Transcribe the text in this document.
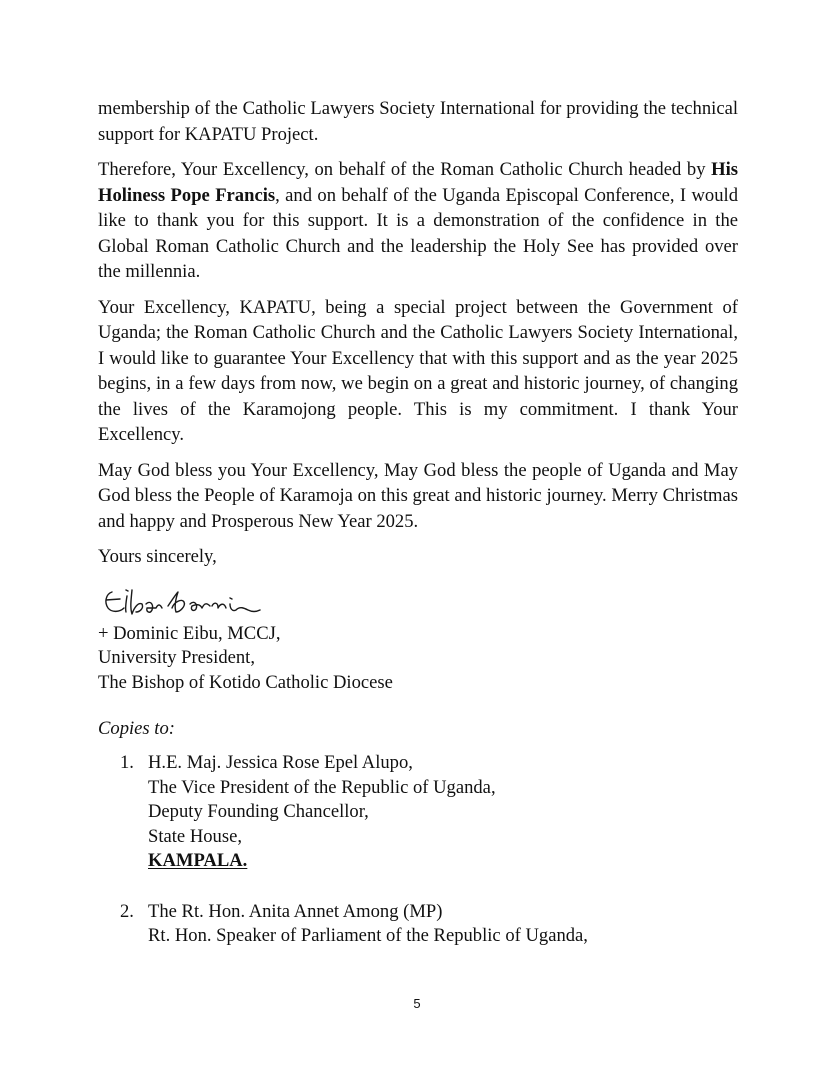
membership of the Catholic Lawyers Society International for providing the technical support for KAPATU Project.

Therefore, Your Excellency, on behalf of the Roman Catholic Church headed by His Holiness Pope Francis, and on behalf of the Uganda Episcopal Conference, I would like to thank you for this support. It is a demonstration of the confidence in the Global Roman Catholic Church and the leadership the Holy See has provided over the millennia.

Your Excellency, KAPATU, being a special project between the Government of Uganda; the Roman Catholic Church and the Catholic Lawyers Society International, I would like to guarantee Your Excellency that with this support and as the year 2025 begins, in a few days from now, we begin on a great and historic journey, of changing the lives of the Karamojong people. This is my commitment. I thank Your Excellency.

May God bless you Your Excellency, May God bless the people of Uganda and May God bless the People of Karamoja on this great and historic journey. Merry Christmas and happy and Prosperous New Year 2025.

Yours sincerely,

+ Dominic Eibu, MCCJ,
University President,
The Bishop of Kotido Catholic Diocese
Copies to:
1. H.E. Maj. Jessica Rose Epel Alupo,
The Vice President of the Republic of Uganda,
Deputy Founding Chancellor,
State House,
KAMPALA.
2. The Rt. Hon. Anita Annet Among (MP)
Rt. Hon. Speaker of Parliament of the Republic of Uganda,
5
